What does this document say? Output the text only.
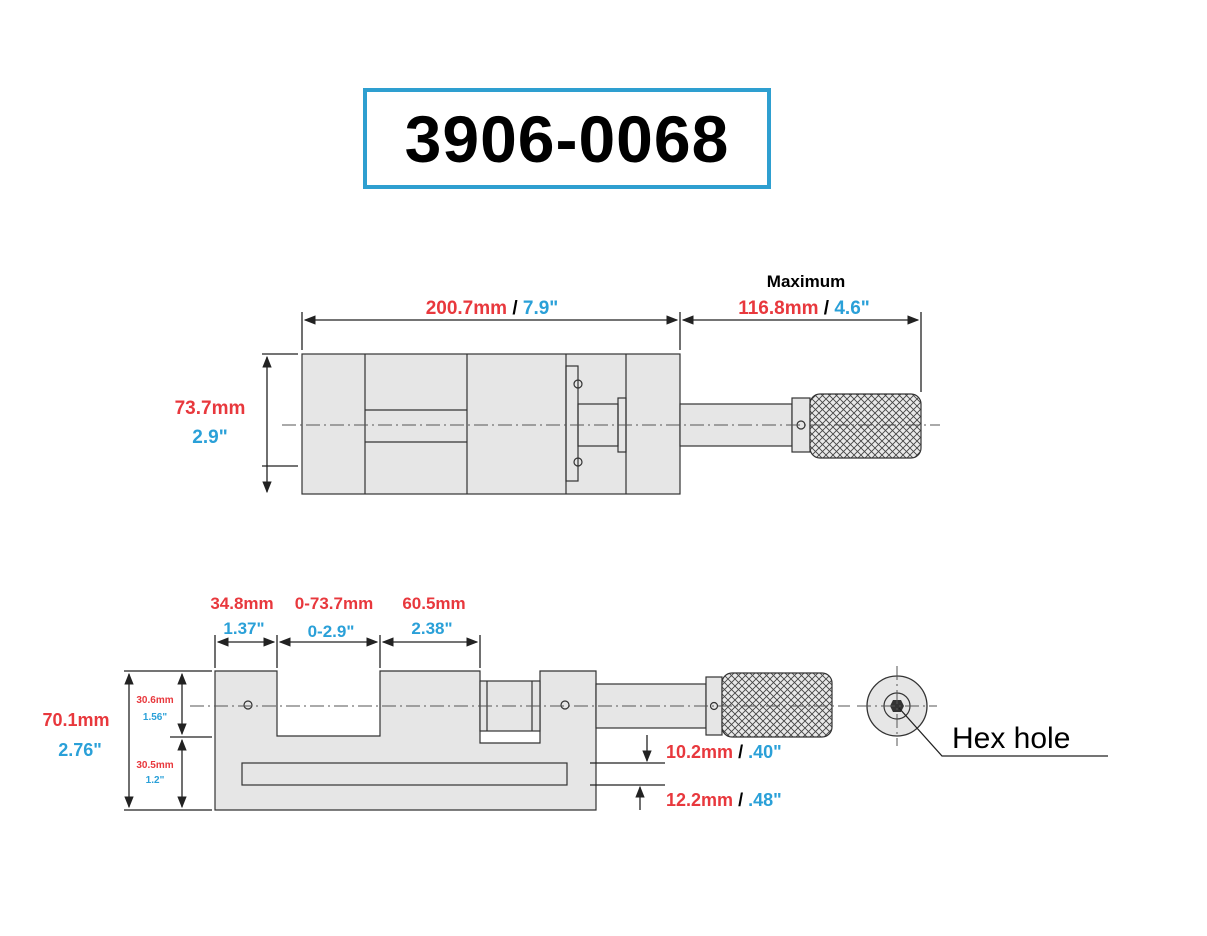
3906-0068
200.7mm / 7.9"
Maximum
116.8mm / 4.6"
73.7mm
2.9"
34.8mm
1.37"
0-73.7mm
0-2.9"
60.5mm
2.38"
70.1mm
2.76"
30.6mm
1.56"
30.5mm
1.2"
10.2mm / .40"
12.2mm / .48"
Hex hole
